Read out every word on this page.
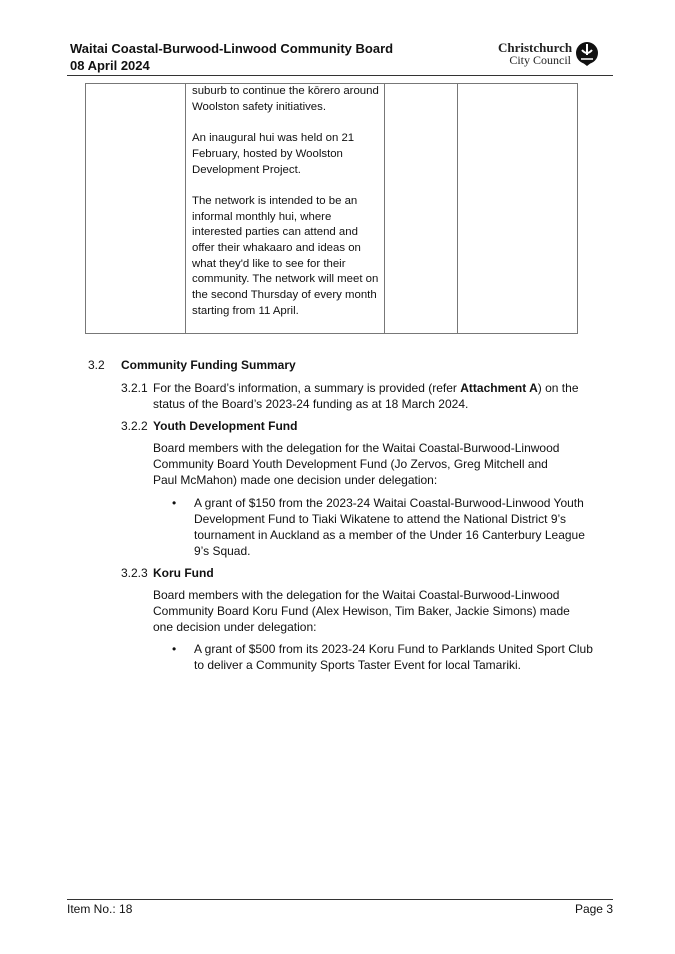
Waitai Coastal-Burwood-Linwood Community Board
08 April 2024
Christchurch
City Council

suburb to continue the kōrero around Woolston safety initiatives.

An inaugural hui was held on 21 February, hosted by Woolston Development Project.

The network is intended to be an informal monthly hui, where interested parties can attend and offer their whakaaro and ideas on what they'd like to see for their community. The network will meet on the second Thursday of every month starting from 11 April.

3.2 Community Funding Summary
3.2.1 For the Board’s information, a summary is provided (refer Attachment A) on the status of the Board’s 2023-24 funding as at 18 March 2024.
3.2.2 Youth Development Fund
Board members with the delegation for the Waitai Coastal-Burwood-Linwood Community Board Youth Development Fund (Jo Zervos, Greg Mitchell and Paul McMahon) made one decision under delegation:
• A grant of $150 from the 2023-24 Waitai Coastal-Burwood-Linwood Youth Development Fund to Tiaki Wikatene to attend the National District 9’s tournament in Auckland as a member of the Under 16 Canterbury League 9’s Squad.
3.2.3 Koru Fund
Board members with the delegation for the Waitai Coastal-Burwood-Linwood Community Board Koru Fund (Alex Hewison, Tim Baker, Jackie Simons) made one decision under delegation:
• A grant of $500 from its 2023-24 Koru Fund to Parklands United Sport Club to deliver a Community Sports Taster Event for local Tamariki.
Item No.: 18	Page 3
